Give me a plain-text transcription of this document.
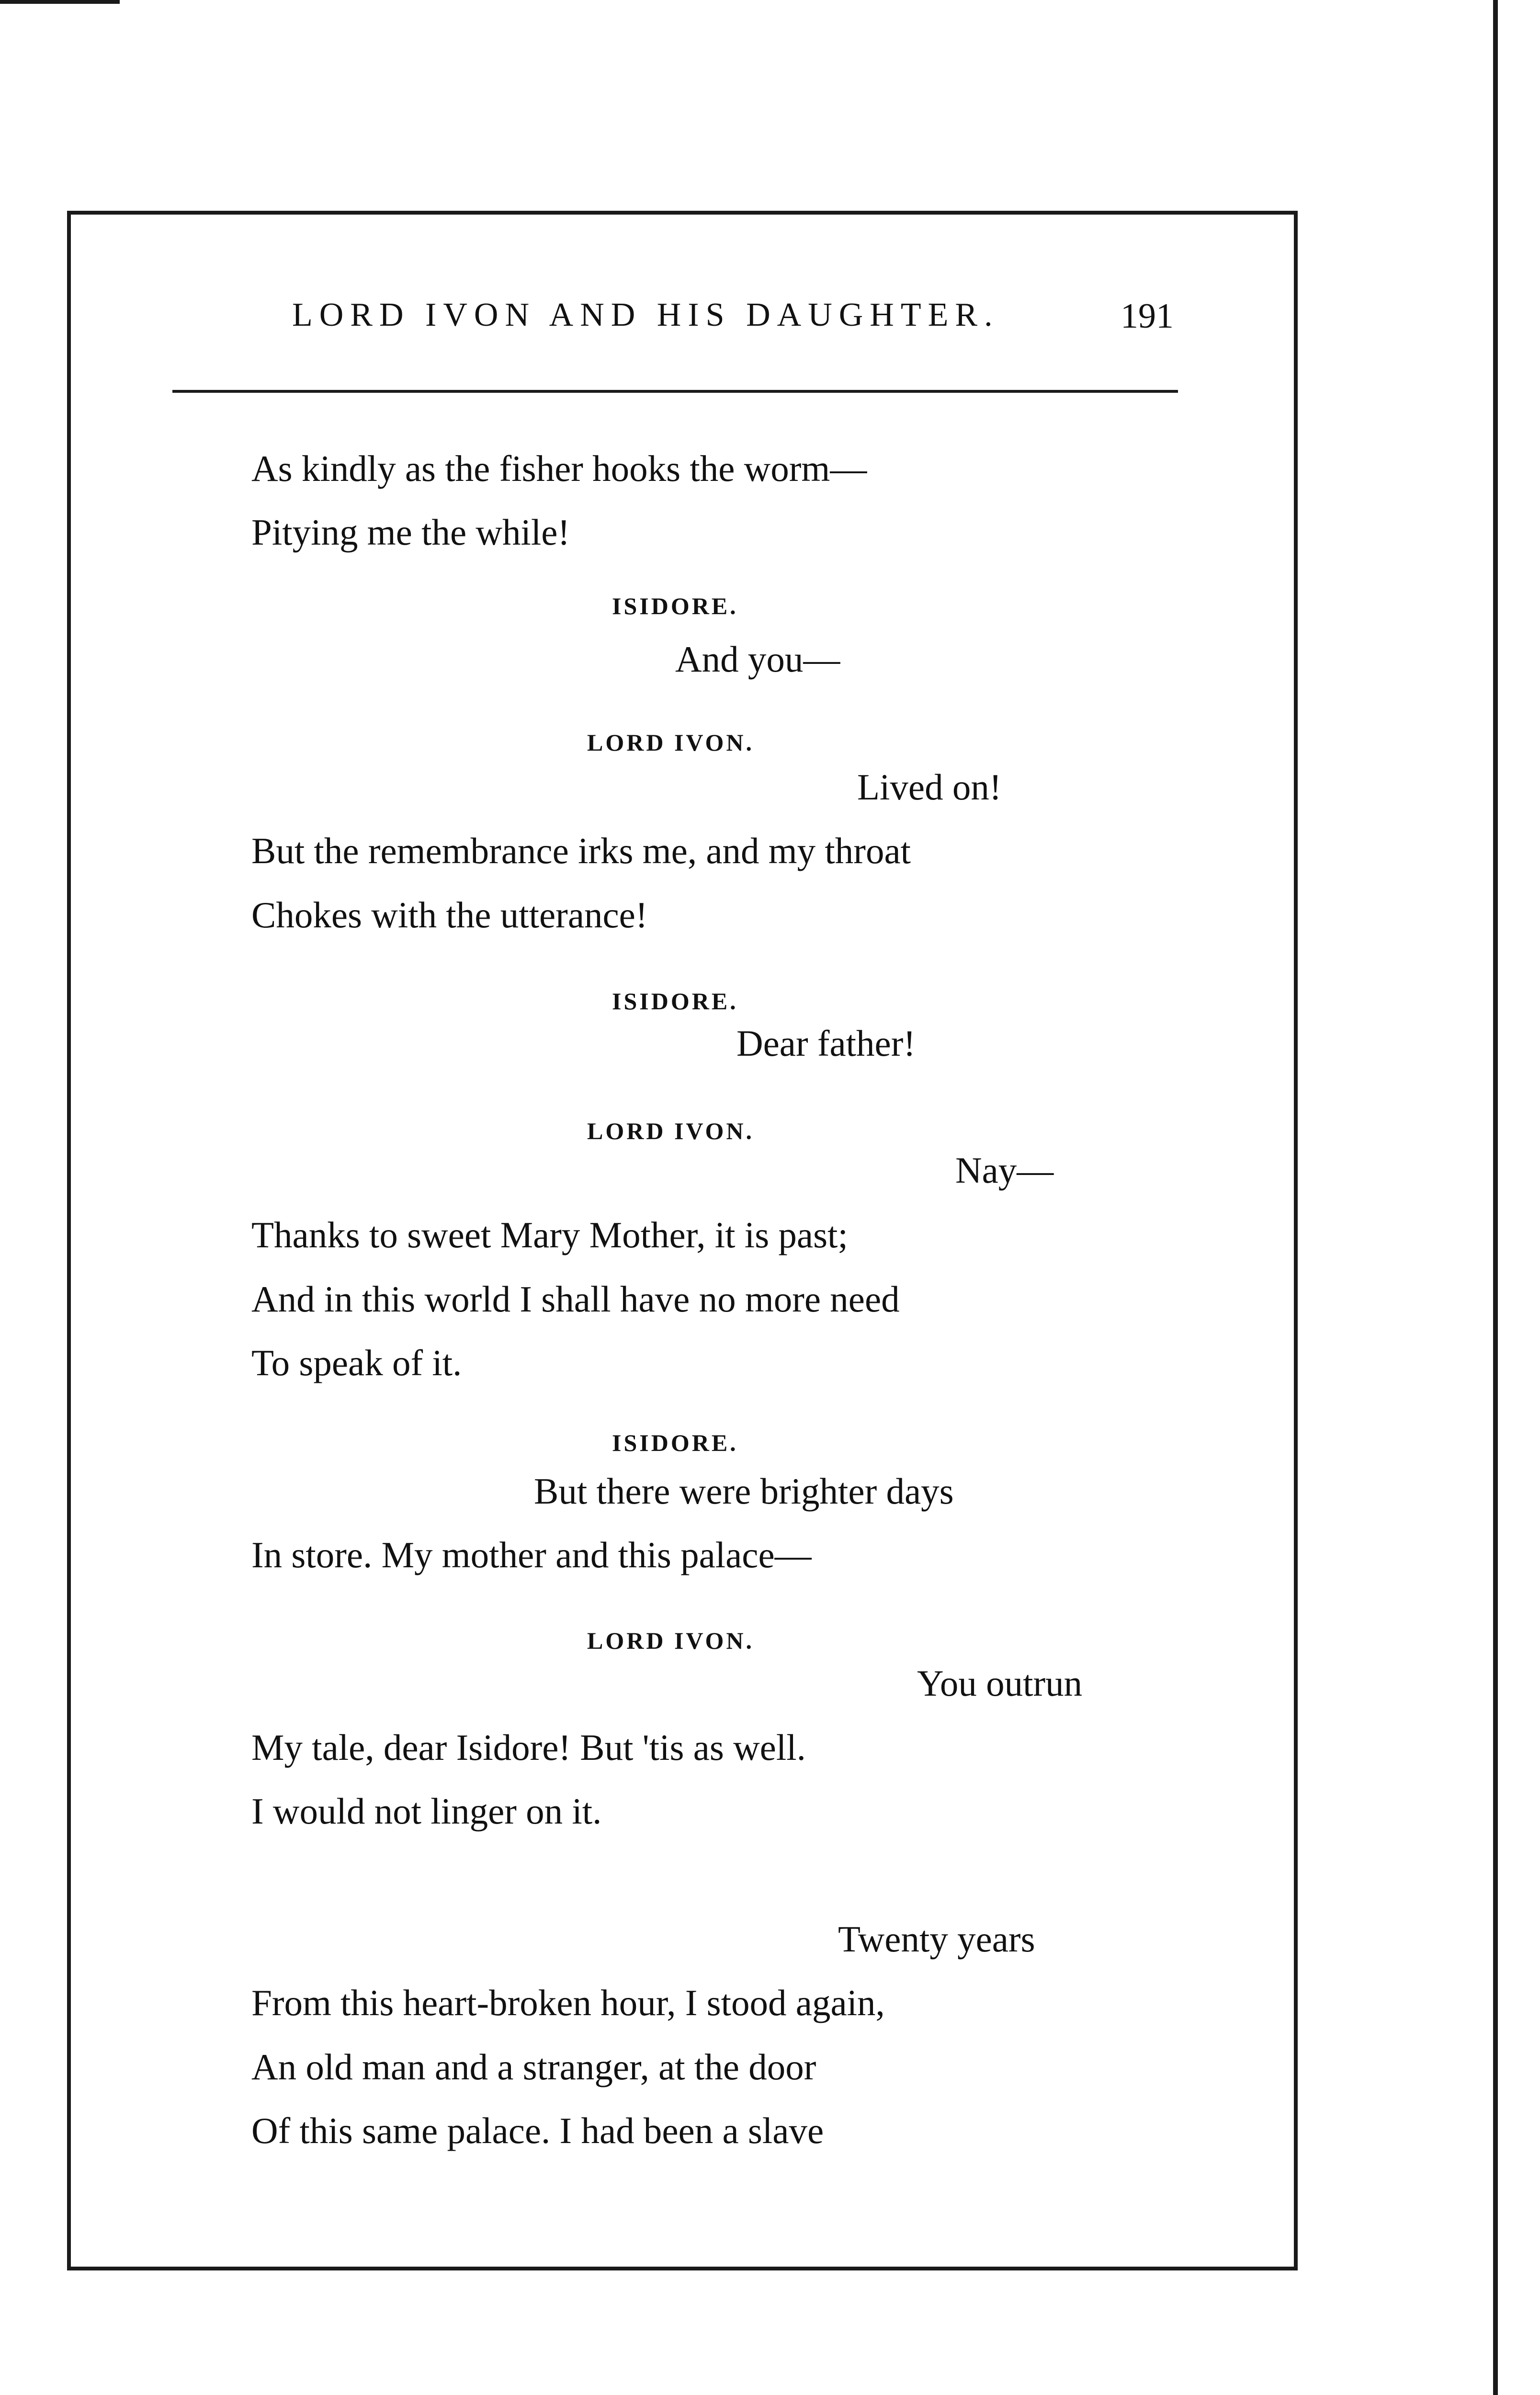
LORD IVON AND HIS DAUGHTER.	191
As kindly as the fisher hooks the worm—
Pitying me the while!
ISIDORE.
And you—
LORD IVON.
Lived on!
But the remembrance irks me, and my throat
Chokes with the utterance!
ISIDORE.
Dear father!
LORD IVON.
Nay—
Thanks to sweet Mary Mother, it is past;
And in this world I shall have no more need
To speak of it.
ISIDORE.
But there were brighter days
In store. My mother and this palace—
LORD IVON.
You outrun
My tale, dear Isidore! But 'tis as well.
I would not linger on it.
Twenty years
From this heart-broken hour, I stood again,
An old man and a stranger, at the door
Of this same palace. I had been a slave
